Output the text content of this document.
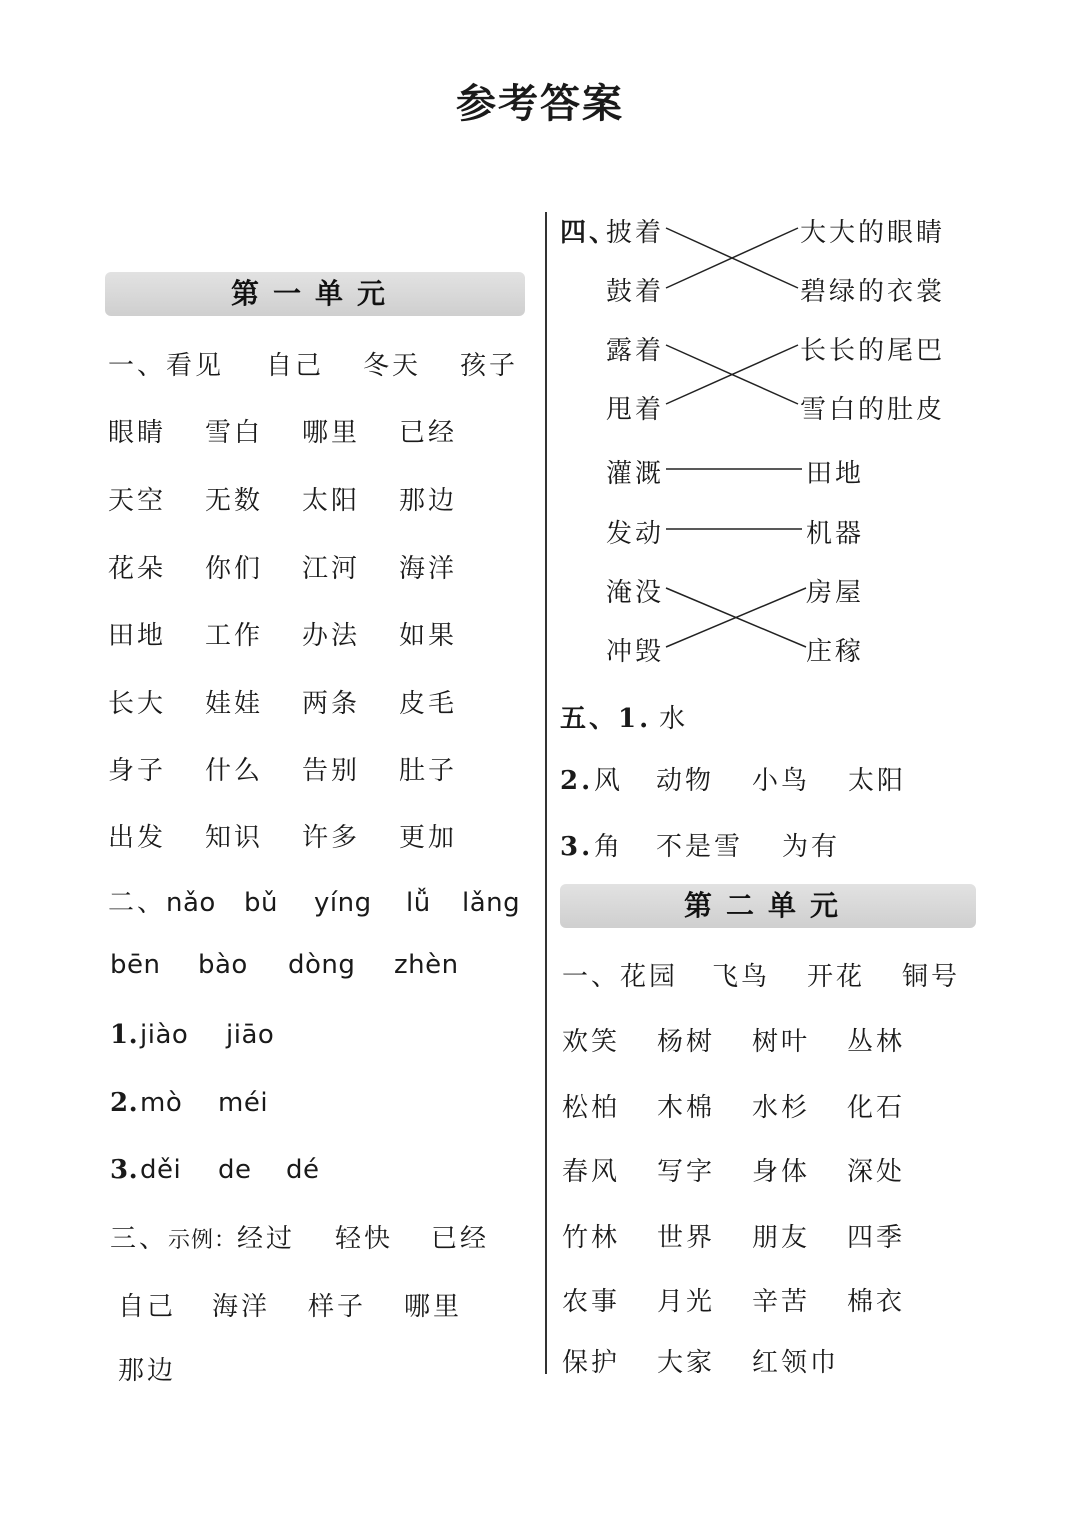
参考答案
第一单元
一、看见 自己 冬天 孩子
眼睛 雪白 哪里 已经
天空 无数 太阳 那边
花朵 你们 江河 海洋
田地 工作 办法 如果
长大 娃娃 两条 皮毛
身子 什么 告别 肚子
出发 知识 许多 更加
二、nǎo bǔ yíng lǚ lǎng
bēn bào dòng zhèn
1.jiào jiāo
2.mò méi
3.děi de dé
三、示例：经过 轻快 已经
自己 海洋 样子 哪里
那边
四、
披着
鼓着
露着
甩着
灌溉
发动
淹没
冲毁
大大的眼睛
碧绿的衣裳
长长的尾巴
雪白的肚皮
田地
机器
房屋
庄稼
五、1. 水
2.风 动物 小鸟 太阳
3.角 不是雪 为有
第二单元
一、花园 飞鸟 开花 铜号
欢笑 杨树 树叶 丛林
松柏 木棉 水杉 化石
春风 写字 身体 深处
竹林 世界 朋友 四季
农事 月光 辛苦 棉衣
保护 大家 红领巾
